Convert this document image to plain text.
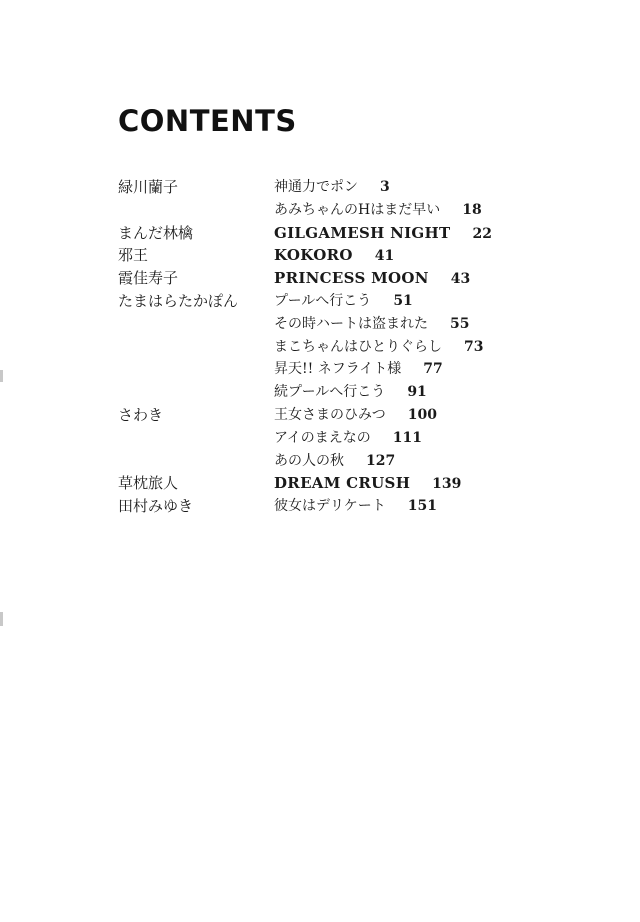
CONTENTS
緑川蘭子	神通力でポン 3
あみちゃんのHはまだ早い 18
まんだ林檎	GILGAMESH NIGHT 22
邪王	KOKORO 41
霞佳寿子	PRINCESS MOON 43
たまはらたかぽん	プールへ行こう 51
その時ハートは盗まれた 55
まこちゃんはひとりぐらし 73
昇天!! ネフライト様 77
続プールへ行こう 91
さわき	王女さまのひみつ 100
アイのまえなの 111
あの人の秋 127
草枕旅人	DREAM CRUSH 139
田村みゆき	彼女はデリケート 151
